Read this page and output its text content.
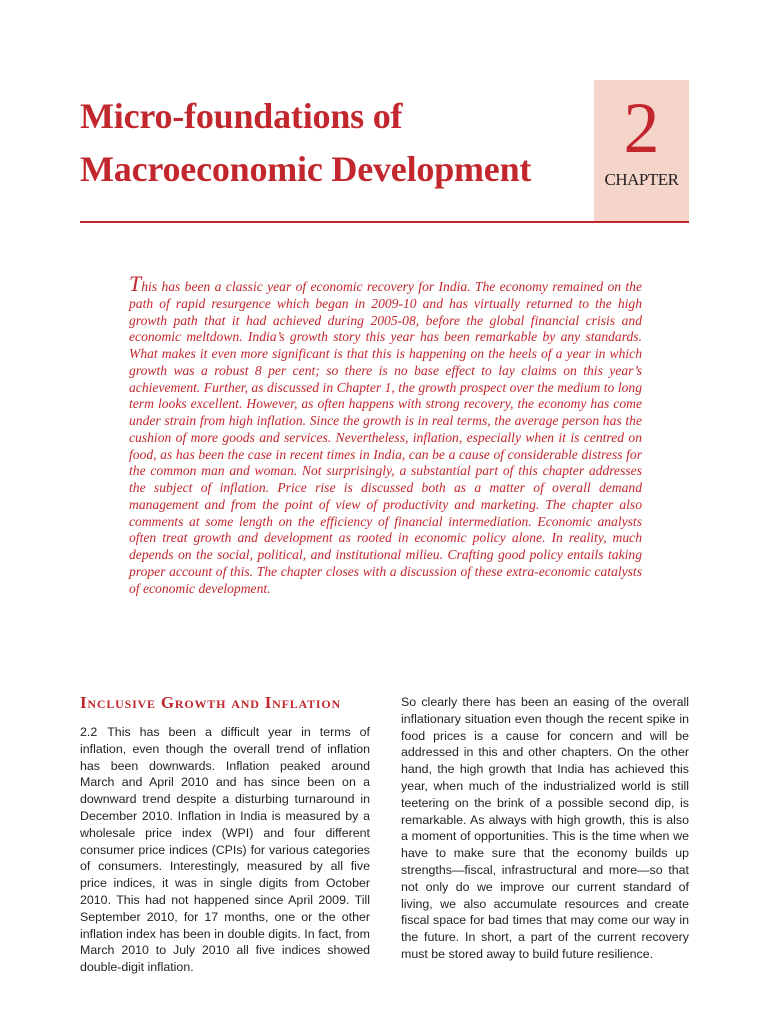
Micro-foundations of
Macroeconomic Development
2
CHAPTER

This has been a classic year of economic recovery for India. The economy remained on the path of rapid resurgence which began in 2009-10 and has virtually returned to the high growth path that it had achieved during 2005-08, before the global financial crisis and economic meltdown. India’s growth story this year has been remarkable by any standards. What makes it even more significant is that this is happening on the heels of a year in which growth was a robust 8 per cent; so there is no base effect to lay claims on this year’s achievement. Further, as discussed in Chapter 1, the growth prospect over the medium to long term looks excellent. However, as often happens with strong recovery, the economy has come under strain from high inflation. Since the growth is in real terms, the average person has the cushion of more goods and services. Nevertheless, inflation, especially when it is centred on food, as has been the case in recent times in India, can be a cause of considerable distress for the common man and woman. Not surprisingly, a substantial part of this chapter addresses the subject of inflation. Price rise is discussed both as a matter of overall demand management and from the point of view of productivity and marketing. The chapter also comments at some length on the efficiency of financial intermediation. Economic analysts often treat growth and development as rooted in economic policy alone. In reality, much depends on the social, political, and institutional milieu. Crafting good policy entails taking proper account of this. The chapter closes with a discussion of these extra-economic catalysts of economic development.

Inclusive Growth and Inflation

2.2 This has been a difficult year in terms of inflation, even though the overall trend of inflation has been downwards. Inflation peaked around March and April 2010 and has since been on a downward trend despite a disturbing turnaround in December 2010. Inflation in India is measured by a wholesale price index (WPI) and four different consumer price indices (CPIs) for various categories of consumers. Interestingly, measured by all five price indices, it was in single digits from October 2010. This had not happened since April 2009. Till September 2010, for 17 months, one or the other inflation index has been in double digits. In fact, from March 2010 to July 2010 all five indices showed double-digit inflation.

So clearly there has been an easing of the overall inflationary situation even though the recent spike in food prices is a cause for concern and will be addressed in this and other chapters. On the other hand, the high growth that India has achieved this year, when much of the industrialized world is still teetering on the brink of a possible second dip, is remarkable. As always with high growth, this is also a moment of opportunities. This is the time when we have to make sure that the economy builds up strengths—fiscal, infrastructural and more—so that not only do we improve our current standard of living, we also accumulate resources and create fiscal space for bad times that may come our way in the future. In short, a part of the current recovery must be stored away to build future resilience.
